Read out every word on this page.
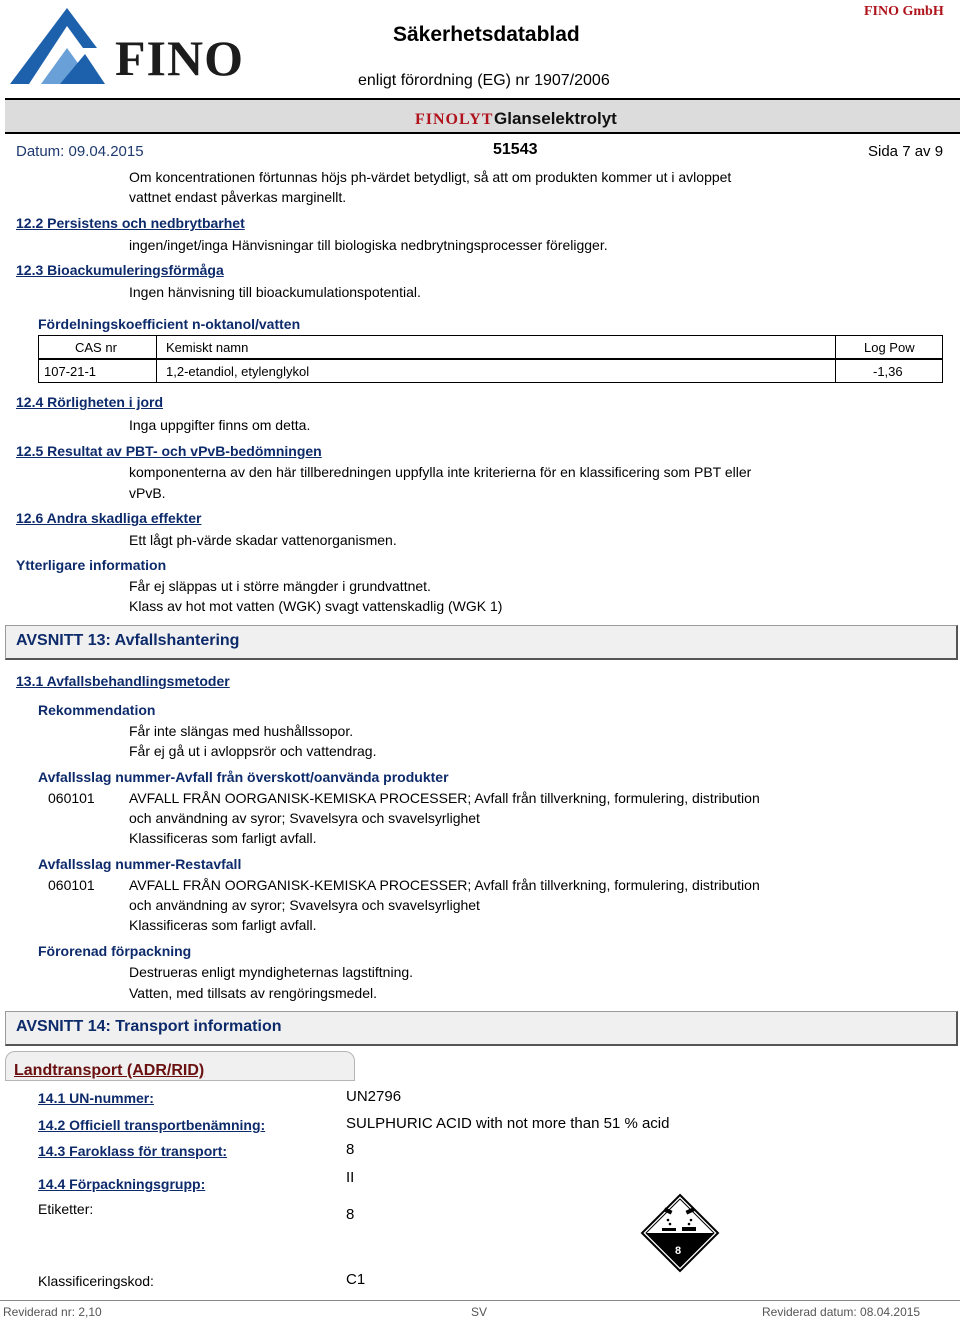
FINO	Säkerhetsdatablad
FINO GmbH
enligt förordning (EG) nr 1907/2006
FINOLYT Glanselektrolyt
Datum: 09.04.2015	51543	Sida 7 av 9
Om koncentrationen förtunnas höjs ph-värdet betydligt, så att om produkten kommer ut i avloppet
vattnet endast påverkas marginellt.
12.2 Persistens och nedbrytbarhet
ingen/inget/inga Hänvisningar till biologiska nedbrytningsprocesser föreligger.
12.3 Bioackumuleringsförmåga
Ingen hänvisning till bioackumulationspotential.
Fördelningskoefficient n-oktanol/vatten
CAS nr	Kemiskt namn	Log Pow
107-21-1	1,2-etandiol, etylenglykol	-1,36
12.4 Rörligheten i jord
Inga uppgifter finns om detta.
12.5 Resultat av PBT- och vPvB-bedömningen
komponenterna av den här tillberedningen uppfylla inte kriterierna för en klassificering som PBT eller
vPvB.
12.6 Andra skadliga effekter
Ett lågt ph-värde skadar vattenorganismen.
Ytterligare information
Får ej släppas ut i större mängder i grundvattnet.
Klass av hot mot vatten (WGK) svagt vattenskadlig (WGK 1)
AVSNITT 13: Avfallshantering
13.1 Avfallsbehandlingsmetoder
Rekommendation
Får inte slängas med hushållssopor.
Får ej gå ut i avloppsrör och vattendrag.
Avfallsslag nummer-Avfall från överskott/oanvända produkter
060101 AVFALL FRÅN OORGANISK-KEMISKA PROCESSER; Avfall från tillverkning, formulering, distribution
och användning av syror; Svavelsyra och svavelsyrlighet
Klassificeras som farligt avfall.
Avfallsslag nummer-Restavfall
060101 AVFALL FRÅN OORGANISK-KEMISKA PROCESSER; Avfall från tillverkning, formulering, distribution
och användning av syror; Svavelsyra och svavelsyrlighet
Klassificeras som farligt avfall.
Förorenad förpackning
Destrueras enligt myndigheternas lagstiftning.
Vatten, med tillsats av rengöringsmedel.
AVSNITT 14: Transport information
Landtransport (ADR/RID)
14.1 UN-nummer:	UN2796
14.2 Officiell transportbenämning:	SULPHURIC ACID with not more than 51 % acid
14.3 Faroklass för transport:	8
14.4 Förpackningsgrupp:	II
Etiketter:	8
8
Klassificeringskod:	C1
Reviderad nr: 2,10	SV	Reviderad datum: 08.04.2015
